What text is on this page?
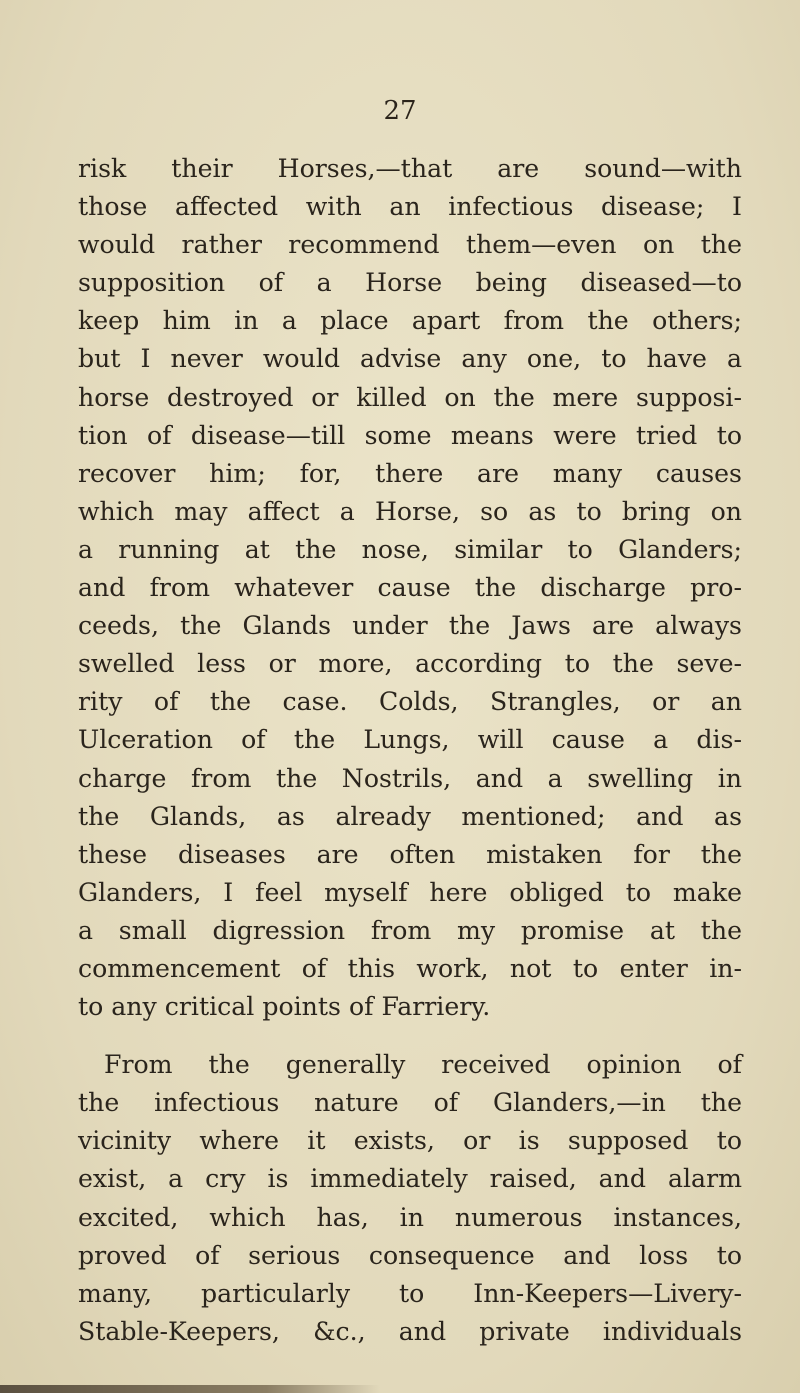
27
risk their Horses,—that are sound—with
those affected with an infectious disease; I
would rather recommend them—even on the
supposition of a Horse being diseased—to
keep him in a place apart from the others;
but I never would advise any one, to have a
horse destroyed or killed on the mere supposi-
tion of disease—till some means were tried to
recover him; for, there are many causes
which may affect a Horse, so as to bring on
a running at the nose, similar to Glanders;
and from whatever cause the discharge pro-
ceeds, the Glands under the Jaws are always
swelled less or more, according to the seve-
rity of the case. Colds, Strangles, or an
Ulceration of the Lungs, will cause a dis-
charge from the Nostrils, and a swelling in
the Glands, as already mentioned; and as
these diseases are often mistaken for the
Glanders, I feel myself here obliged to make
a small digression from my promise at the
commencement of this work, not to enter in-
to any critical points of Farriery.
From the generally received opinion of
the infectious nature of Glanders,—in the
vicinity where it exists, or is supposed to
exist, a cry is immediately raised, and alarm
excited, which has, in numerous instances,
proved of serious consequence and loss to
many, particularly to Inn-Keepers—Livery-
Stable-Keepers, &c., and private individuals
